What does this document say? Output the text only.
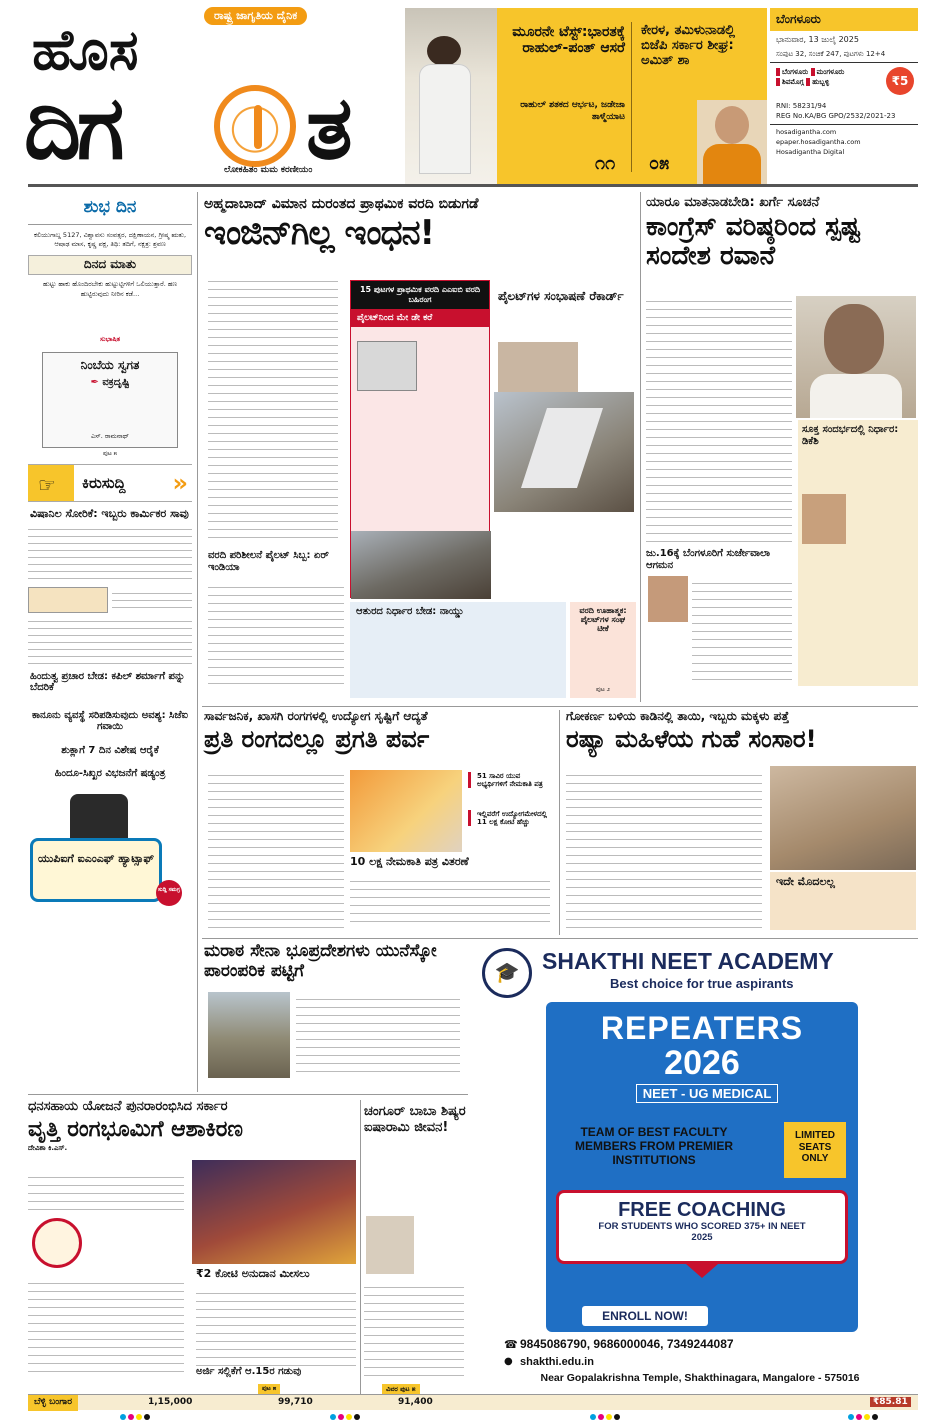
ರಾಷ್ಟ್ರ ಜಾಗೃತಿಯ ದೈನಿಕ
ಹೊಸ
ದಿಗ ತ
ಲೋಕಹಿತಂ ಮಮ ಕರಣೀಯಂ
ಮೂರನೇ ಟೆಸ್ಟ್:ಭಾರತಕ್ಕೆ ರಾಹುಲ್-ಪಂತ್ ಆಸರೆ
ರಾಹುಲ್ ಶತಕದ ಆರ್ಭಟ, ಜಡೇಜಾ ತಾಳ್ಮೆಯಾಟ
೧೧
ಕೇರಳ, ತಮಿಳುನಾಡಲ್ಲಿ ಬಿಜೆಪಿ ಸರ್ಕಾರ ಶೀಘ್ರ: ಅಮಿತ್ ಶಾ
೦೫
ಬೆಂಗಳೂರು
ಭಾನುವಾರ, 13 ಜುಲೈ 2025
ಸಂಪುಟ 32, ಸಂಚಿಕೆ 247, ಪುಟಗಳು 12+4
ಬೆಂಗಳೂರು ಮಂಗಳೂರು
ಶಿವಮೊಗ್ಗ ಹುಬ್ಬಳ್ಳಿ	₹5
RNI: 58231/94
REG No.KA/BG GPO/2532/2021-23
hosadigantha.com
epaper.hosadigantha.com
Hosadigantha Digital
ಶುಭ ದಿನ
ಕಲಿಯುಗಾಬ್ದ 5127, ವಿಶ್ವಾವಸು ಸಂವತ್ಸರ, ದಕ್ಷಿಣಾಯನ, ಗ್ರೀಷ್ಮ ಋತು, ಆಷಾಢ ಮಾಸ, ಕೃಷ್ಣ ಪಕ್ಷ, ತಿಥಿ: ತದಿಗೆ, ನಕ್ಷತ್ರ: ಶ್ರವಣ
ದಿನದ ಮಾತು
ಹುಟ್ಟು ಹಾಕು ಹೊಂದಿರಬೇಕು ಹುಟ್ಟುಟ್ಟಿಗಳಿಗೆ ಒಲಿಯುತ್ತಾರೆ. ಹಣ ಹುಟ್ಟಿರುವುದು ನೀರಿನ ಕಡೆ...
ಸುಭಾಷಿತ
ನಿಂಬೆಯ ಸ್ವಗತ
✒ ವಕ್ರದೃಷ್ಟಿ
ಎಸ್. ರಾಮನಾಥ್
ಪುಟ ೫
☞ ಕಿರುಸುದ್ದಿ »
ವಿಷಾನಿಲ ಸೋರಿಕೆ: ಇಬ್ಬರು ಕಾರ್ಮಿಕರ ಸಾವು
ಹಿಂದುತ್ವ ಪ್ರಚಾರ ಬೇಡ: ಕಪಿಲ್ ಶರ್ಮಾಗೆ ಪನ್ನು ಬೆದರಿಕೆ
ಕಾನೂನು ವ್ಯವಸ್ಥೆ ಸರಿಪಡಿಸುವುದು ಅವಶ್ಯ: ಸಿಜೆಐ ಗವಾಯಿ
ಶುಕ್ಲಾಗೆ 7 ದಿನ ವಿಶೇಷ ಆರೈಕೆ
ಹಿಂದೂ-ಸಿಖ್ಖರ ವಿಭಜನೆಗೆ ಷಡ್ಯಂತ್ರ
ಯುಪಿಐಗೆ ಐಎಂಎಫ್ ಹ್ಯಾಟ್ಸಾಫ್
ಸುದ್ದಿ ಸಮಗ್ರ
ಅಹ್ಮದಾಬಾದ್ ವಿಮಾನ ದುರಂತದ ಪ್ರಾಥಮಿಕ ವರದಿ ಬಿಡುಗಡೆ
ಇಂಜಿನ್‌ಗಿಲ್ಲ ಇಂಧನ!
15 ಪುಟಗಳ ಪ್ರಾಥಮಿಕ ವರದಿ ಎಎಐಬಿ ವರದಿ ಬಹಿರಂಗ
ಪೈಲಟ್‌ನಿಂದ ಮೇ ಡೇ ಕರೆ
ಪೈಲಟ್‌ಗಳ ಸಂಭಾಷಣೆ ರೆಕಾರ್ಡ್
ವರದಿ ಪರಿಶೀಲನೆ ಪೈಲಟ್ ಸಿಬ್ಬ: ಏರ್ ಇಂಡಿಯಾ
ಆತುರದ ನಿರ್ಧಾರ ಬೇಡ: ನಾಯ್ಡು	ವರದಿ ಊಹಾತ್ಮಕ: ಪೈಲಟ್‌ಗಳ ಸಂಘ ಟೀಕೆ
ಪುಟ ೨
ಯಾರೂ ಮಾತನಾಡಬೇಡಿ: ಖರ್ಗೆ ಸೂಚನೆ
ಕಾಂಗ್ರೆಸ್ ವರಿಷ್ಠರಿಂದ ಸ್ಪಷ್ಟ ಸಂದೇಶ ರವಾನೆ
ಸೂಕ್ತ ಸಂದರ್ಭದಲ್ಲಿ ನಿರ್ಧಾರ: ಡಿಕೆಶಿ
ಜು.16ಕ್ಕೆ ಬೆಂಗಳೂರಿಗೆ ಸುರ್ಜೇವಾಲಾ ಆಗಮನ
ಸಾರ್ವಜನಿಕ, ಖಾಸಗಿ ರಂಗಗಳಲ್ಲಿ ಉದ್ಯೋಗ ಸೃಷ್ಟಿಗೆ ಆದ್ಯತೆ
ಪ್ರತಿ ರಂಗದಲ್ಲೂ ಪ್ರಗತಿ ಪರ್ವ
51 ಸಾವಿರ ಯುವ ಅಭ್ಯರ್ಥಿಗಳಿಗೆ ನೇಮಕಾತಿ ಪತ್ರ
ಇಲ್ಲಿವರೆಗೆ ಉದ್ಯೋಗಮೇಳದಲ್ಲಿ 11 ಲಕ್ಷ ಕೋಟಿ ಹೆಚ್ಚು
10 ಲಕ್ಷ ನೇಮಕಾತಿ ಪತ್ರ ವಿತರಣೆ
ಗೋಕರ್ಣ ಬಳಿಯ ಕಾಡಿನಲ್ಲಿ ತಾಯಿ, ಇಬ್ಬರು ಮಕ್ಕಳು ಪತ್ತೆ
ರಷ್ಯಾ ಮಹಿಳೆಯ ಗುಹೆ ಸಂಸಾರ!
ಇದೇ ಮೊದಲಲ್ಲ
ಮರಾಠ ಸೇನಾ ಭೂಪ್ರದೇಶಗಳು ಯುನೆಸ್ಕೋ ಪಾರಂಪರಿಕ ಪಟ್ಟಿಗೆ	🎓 SHAKTHI NEET ACADEMY
Best choice for true aspirants
REPEATERS
2026
NEET - UG MEDICAL
TEAM OF BEST FACULTY MEMBERS FROM PREMIER INSTITUTIONS
LIMITED SEATS ONLY
FREE COACHING
FOR STUDENTS WHO SCORED 375+ IN NEET 2025
ENROLL NOW!
☎ 9845086790, 9686000046, 7349244087
● shakthi.edu.in
Near Gopalakrishna Temple, Shakthinagara, Mangalore - 575016
ಧನಸಹಾಯ ಯೋಜನೆ ಪುನರಾರಂಭಿಸಿದ ಸರ್ಕಾರ
ವೃತ್ತಿ ರಂಗಭೂಮಿಗೆ ಆಶಾಕಿರಣ
ದೇವಿಶಾ ಕಿ.ಎಸ್.
₹2 ಕೋಟಿ ಅನುದಾನ ಮೀಸಲು
ಅರ್ಜಿ ಸಲ್ಲಿಕೆಗೆ ಆ.15ರ ಗಡುವು
ಪುಟ ೫
ಚಂಗೂರ್ ಬಾಬಾ ಶಿಷ್ಯರ ಐಷಾರಾಮಿ ಜೀವನ!
ವಿವರ ಪುಟ ೫
ಬೆಳ್ಳಿ ಬಂಗಾರ	1,15,000	99,710	91,400	₹85.81
